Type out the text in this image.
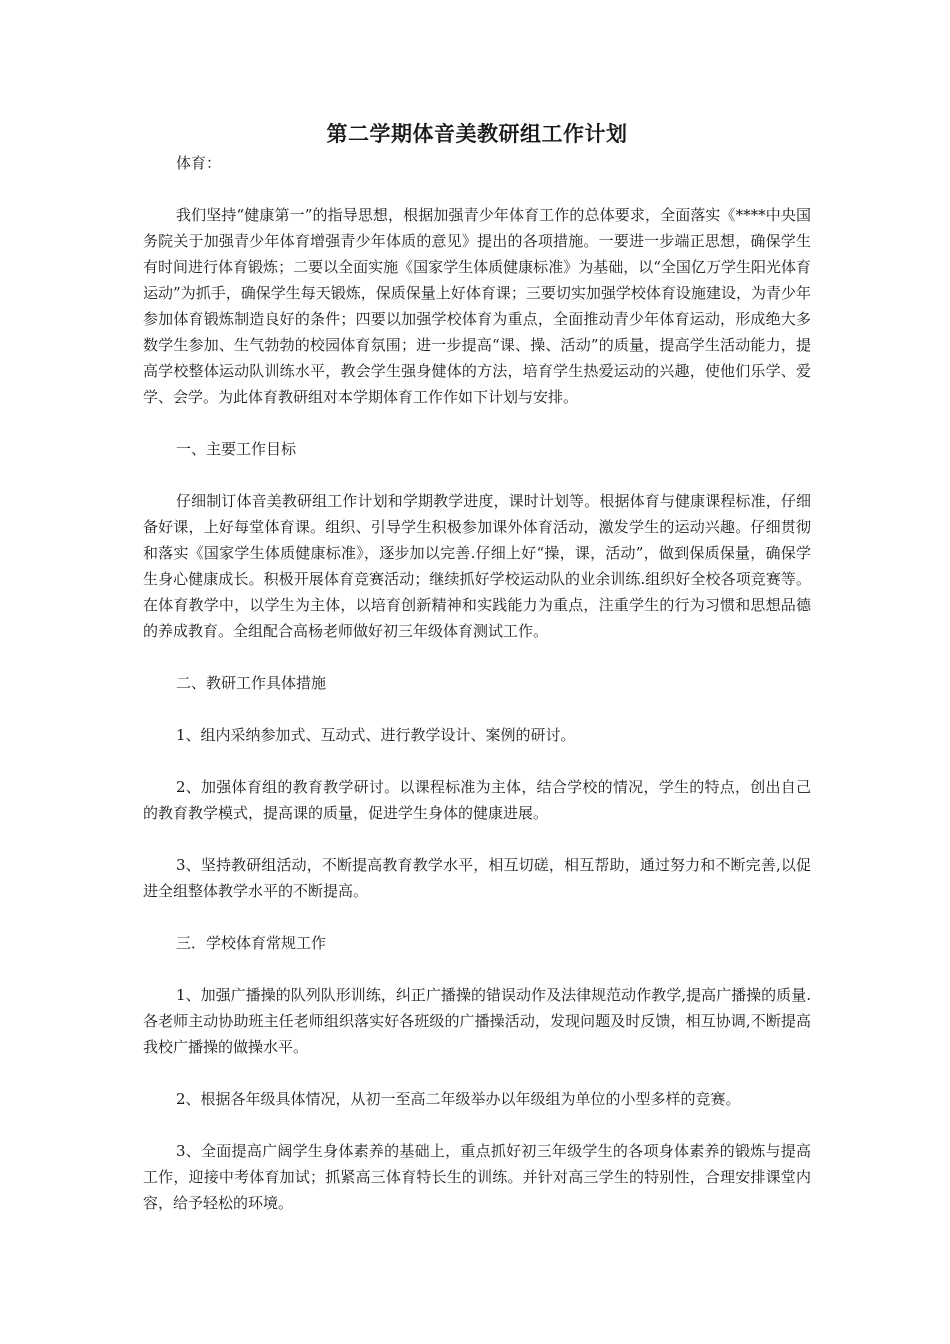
第二学期体音美教研组工作计划

体育：

我们坚持“健康第一”的指导思想，根据加强青少年体育工作的总体要求，全面落实《****中央国务院关于加强青少年体育增强青少年体质的意见》提出的各项措施。一要进一步端正思想，确保学生有时间进行体育锻炼；二要以全面实施《国家学生体质健康标准》为基础，以“全国亿万学生阳光体育运动”为抓手，确保学生每天锻炼，保质保量上好体育课；三要切实加强学校体育设施建设，为青少年参加体育锻炼制造良好的条件；四要以加强学校体育为重点，全面推动青少年体育运动，形成绝大多数学生参加、生气勃勃的校园体育氛围；进一步提高“课、操、活动”的质量，提高学生活动能力，提高学校整体运动队训练水平，教会学生强身健体的方法，培育学生热爱运动的兴趣，使他们乐学、爱学、会学。为此体育教研组对本学期体育工作作如下计划与安排。

一、主要工作目标

仔细制订体音美教研组工作计划和学期教学进度，课时计划等。根据体育与健康课程标准，仔细备好课，上好每堂体育课。组织、引导学生积极参加课外体育活动，激发学生的运动兴趣。仔细贯彻和落实《国家学生体质健康标准》，逐步加以完善.仔细上好“操，课，活动”，做到保质保量，确保学生身心健康成长。积极开展体育竞赛活动；继续抓好学校运动队的业余训练.组织好全校各项竞赛等。在体育教学中，以学生为主体，以培育创新精神和实践能力为重点，注重学生的行为习惯和思想品德的养成教育。全组配合高杨老师做好初三年级体育测试工作。

二、教研工作具体措施

1、组内采纳参加式、互动式、进行教学设计、案例的研讨。

2、加强体育组的教育教学研讨。以课程标准为主体，结合学校的情况，学生的特点，创出自己的教育教学模式，提高课的质量，促进学生身体的健康进展。

3、坚持教研组活动，不断提高教育教学水平，相互切磋，相互帮助，通过努力和不断完善,以促进全组整体教学水平的不断提高。

三．学校体育常规工作

1、加强广播操的队列队形训练，纠正广播操的错误动作及法律规范动作教学,提高广播操的质量.各老师主动协助班主任老师组织落实好各班级的广播操活动，发现问题及时反馈，相互协调,不断提高我校广播操的做操水平。

2、根据各年级具体情况，从初一至高二年级举办以年级组为单位的小型多样的竞赛。

3、全面提高广阔学生身体素养的基础上，重点抓好初三年级学生的各项身体素养的锻炼与提高工作，迎接中考体育加试；抓紧高三体育特长生的训练。并针对高三学生的特别性，合理安排课堂内容，给予轻松的环境。
